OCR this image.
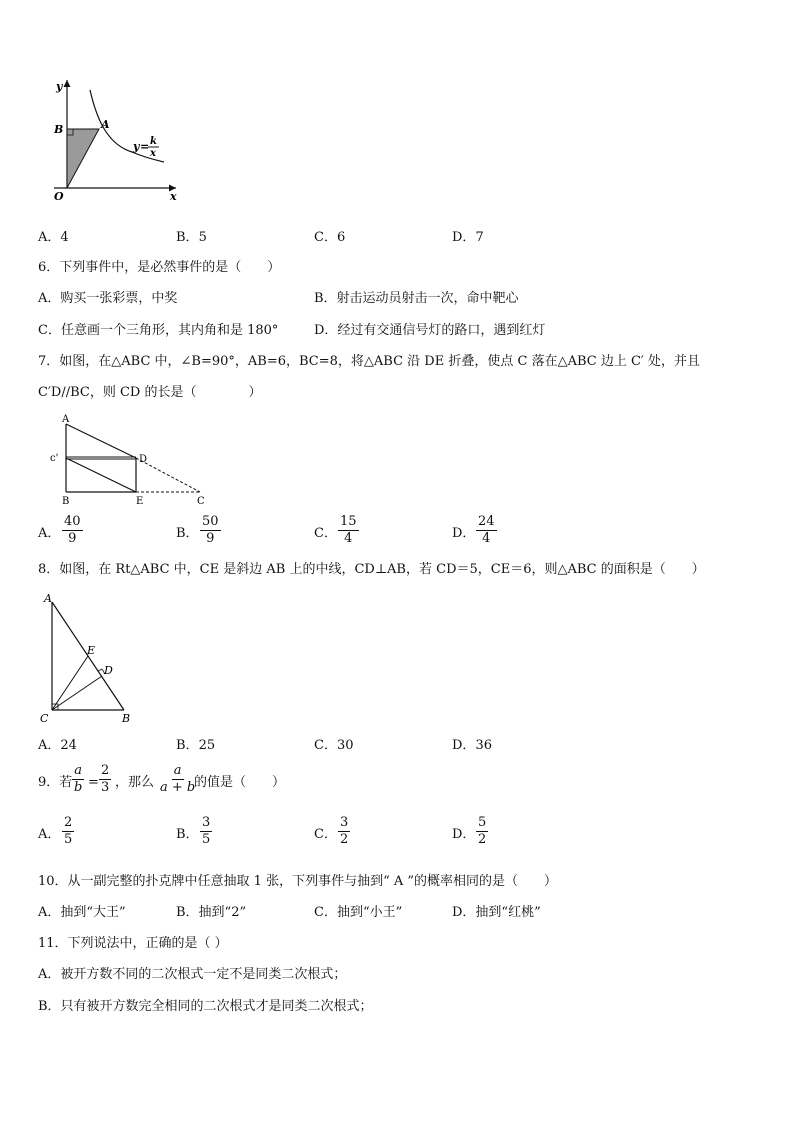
y
x
O
B	A
y = k
x
A．4	B．5	C．6	D．7
6．下列事件中，是必然事件的是（　　）
A．购买一张彩票，中奖	B．射击运动员射击一次，命中靶心
C．任意画一个三角形，其内角和是 180°	D．经过有交通信号灯的路口，遇到红灯
7．如图，在△ABC 中，∠B=90°，AB=6，BC=8，将△ABC 沿 DE 折叠，使点 C 落在△ABC 边上 C′ 处，并且
C′D//BC，则 CD 的长是（　　　　）
A
c'	D
B	E	C
A． $\frac{40}{9}$	B． $\frac{50}{9}$	C． $\frac{15}{4}$	D． $\frac{24}{4}$
8．如图，在 Rt△ABC 中，CE 是斜边 AB 上的中线，CD⊥AB，若 CD＝5，CE＝6，则△ABC 的面积是（　　）
A
E
D
C	B
A．24	B．25	C．30	D．36
9．若 $\frac{a}{b} = \frac{2}{3}$ ，那么 $\frac{a}{a + b}$
的值是（　　）
A． $\frac{2}{5}$	B． $\frac{3}{5}$	C． $\frac{3}{2}$	D． $\frac{5}{2}$
10．从一副完整的扑克牌中任意抽取 1 张，下列事件与抽到“ A ”的概率相同的是（　　）
A．抽到“大王”	B．抽到“2”	C．抽到“小王”	D．抽到“红桃”
11．下列说法中，正确的是（ ）
A．被开方数不同的二次根式一定不是同类二次根式；
B．只有被开方数完全相同的二次根式才是同类二次根式；
